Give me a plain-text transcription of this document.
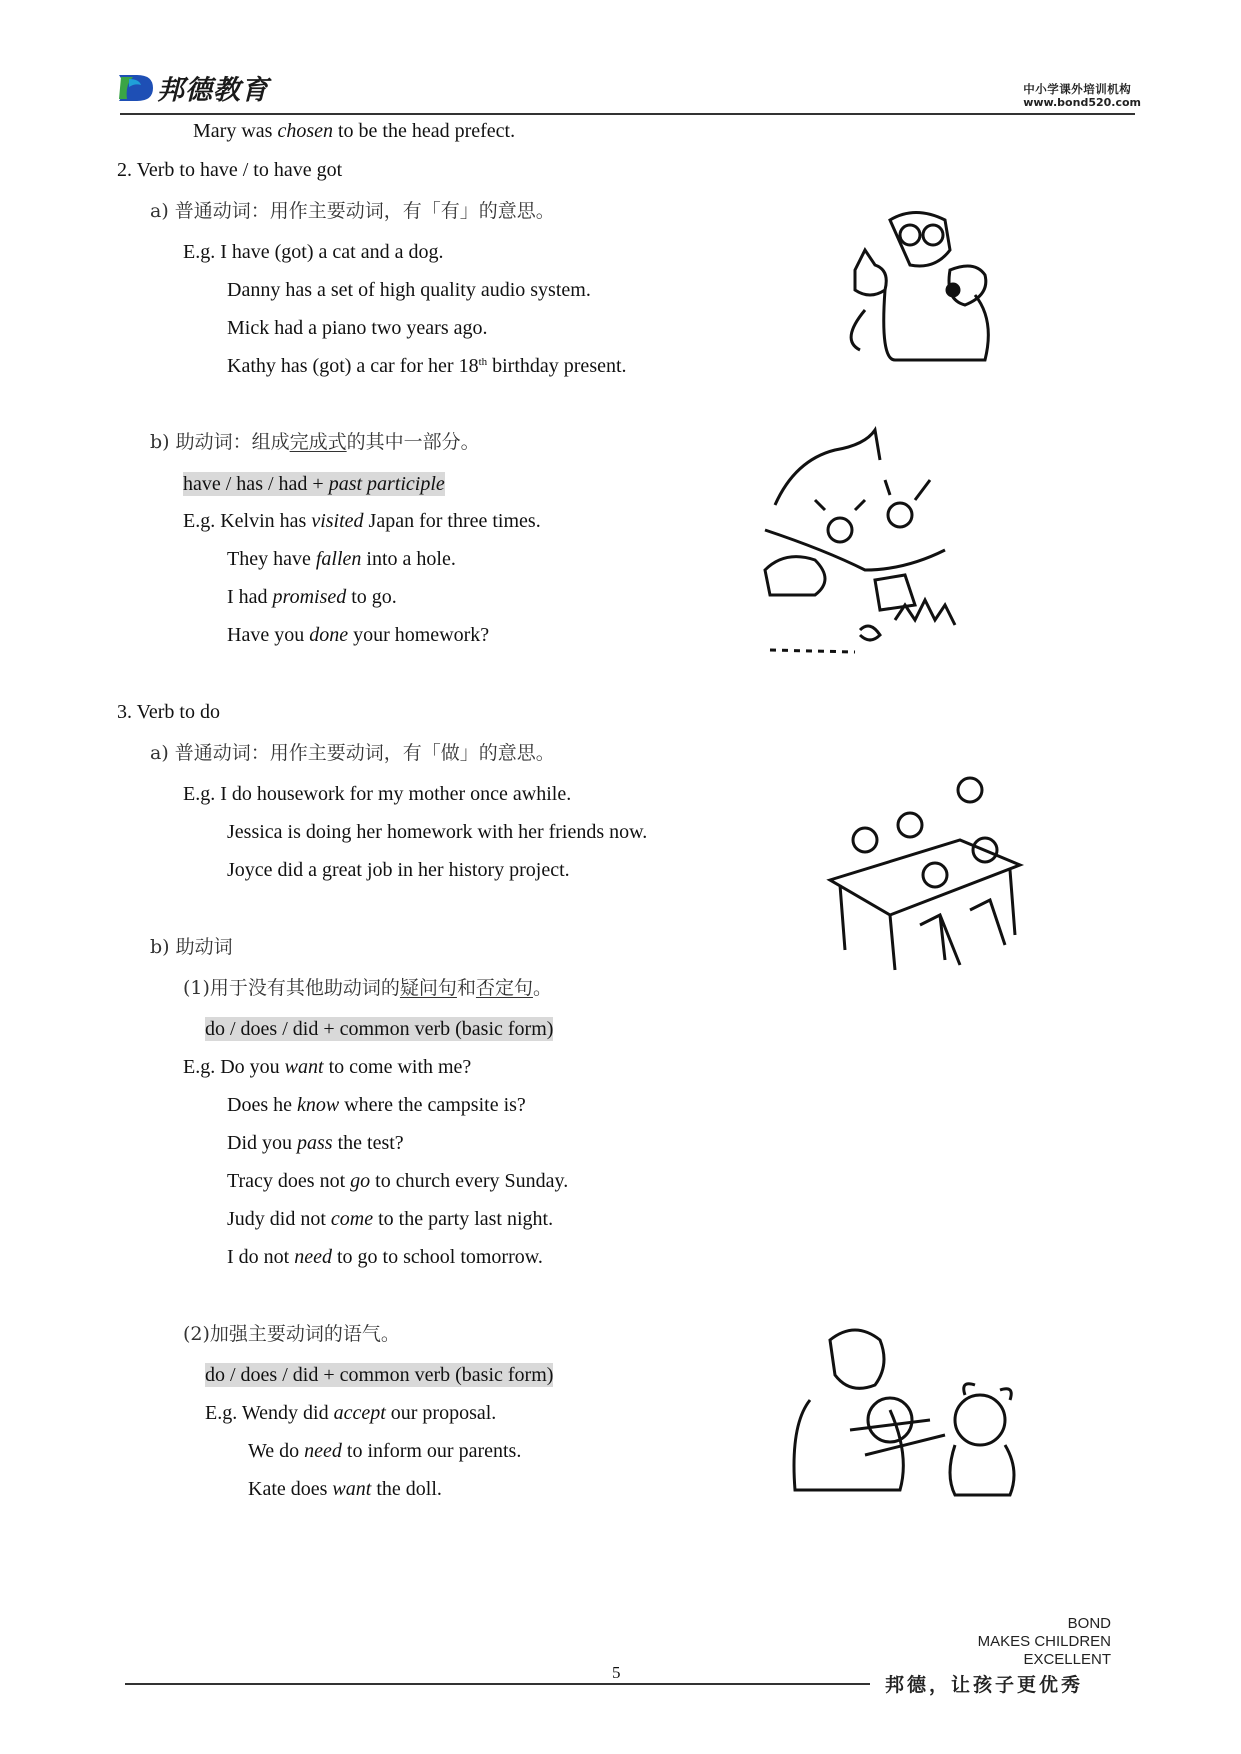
邦德教育	中小学课外培训机构
www.bond520.com
Mary was chosen to be the head prefect.
2. Verb to have / to have got
a) 普通动词：用作主要动词，有「有」的意思。
E.g. I have (got) a cat and a dog.
Danny has a set of high quality audio system.
Mick had a piano two years ago.
Kathy has (got) a car for her 18th birthday present.
b) 助动词：组成完成式的其中一部分。
have / has / had + past participle
E.g. Kelvin has visited Japan for three times.
They have fallen into a hole.
I had promised to go.
Have you done your homework?
3. Verb to do
a) 普通动词：用作主要动词，有「做」的意思。
E.g. I do housework for my mother once awhile.
Jessica is doing her homework with her friends now.
Joyce did a great job in her history project.
b) 助动词
(1)用于没有其他助动词的疑问句和否定句。
do / does / did + common verb (basic form)
E.g. Do you want to come with me?
Does he know where the campsite is?
Did you pass the test?
Tracy does not go to church every Sunday.
Judy did not come to the party last night.
I do not need to go to school tomorrow.
(2)加强主要动词的语气。
do / does / did + common verb (basic form)
E.g. Wendy did accept our proposal.
We do need to inform our parents.
Kate does want the doll.
BOND
MAKES CHILDREN
EXCELLENT
5
邦德，让孩子更优秀
